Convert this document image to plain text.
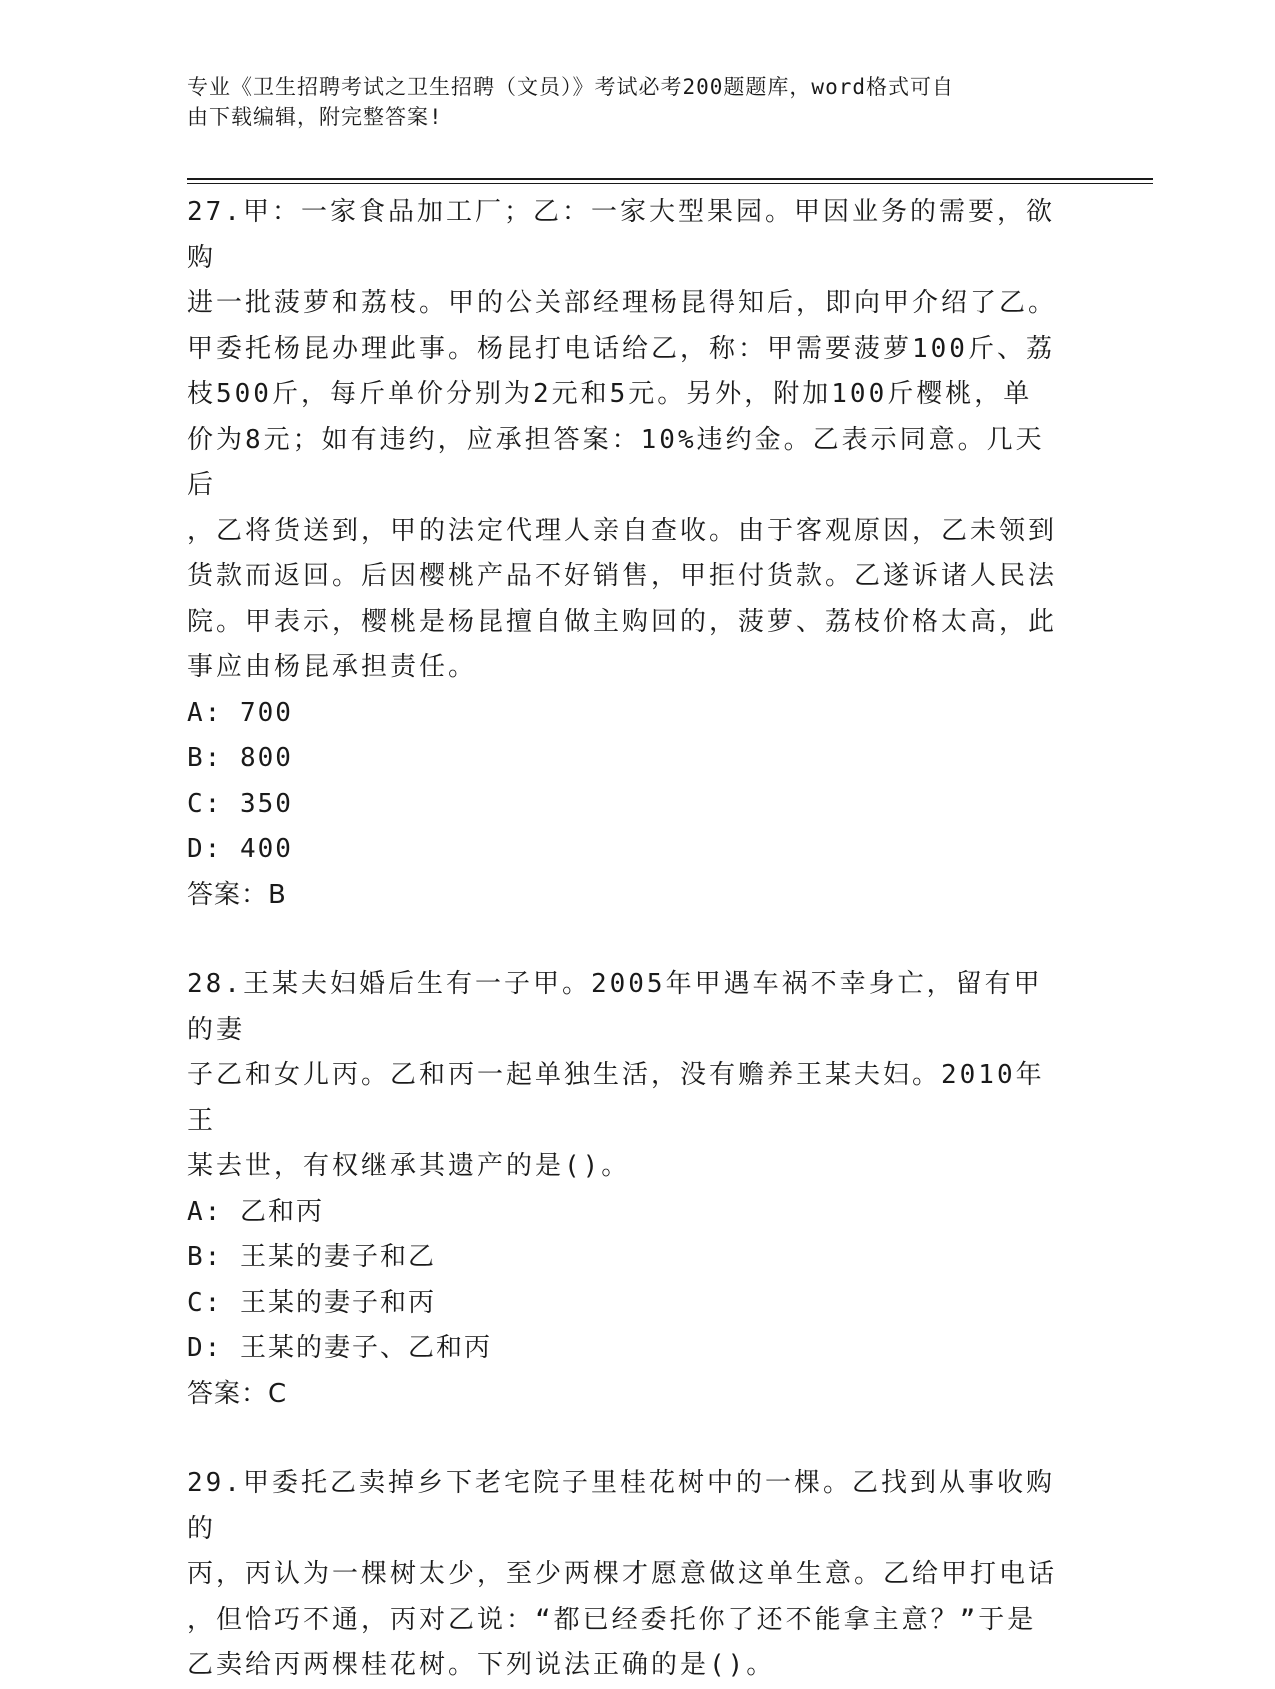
专业《卫生招聘考试之卫生招聘（文员）》考试必考200题题库，word格式可自
由下载编辑，附完整答案!

27.甲：一家食品加工厂；乙：一家大型果园。甲因业务的需要，欲购

进一批菠萝和荔枝。甲的公关部经理杨昆得知后，即向甲介绍了乙。

甲委托杨昆办理此事。杨昆打电话给乙，称：甲需要菠萝100斤、荔

枝500斤，每斤单价分别为2元和5元。另外，附加100斤樱桃，单

价为8元；如有违约，应承担答案：10%违约金。乙表示同意。几天后

，乙将货送到，甲的法定代理人亲自查收。由于客观原因，乙未领到

货款而返回。后因樱桃产品不好销售，甲拒付货款。乙遂诉诸人民法

院。甲表示，樱桃是杨昆擅自做主购回的，菠萝、荔枝价格太高，此

事应由杨昆承担责任。

A: 700

B: 800

C: 350

D: 400

答案：B

28.王某夫妇婚后生有一子甲。2005年甲遇车祸不幸身亡，留有甲的妻

子乙和女儿丙。乙和丙一起单独生活，没有赡养王某夫妇。2010年王

某去世，有权继承其遗产的是()。

A: 乙和丙

B: 王某的妻子和乙

C: 王某的妻子和丙

D: 王某的妻子、乙和丙

答案：C

29.甲委托乙卖掉乡下老宅院子里桂花树中的一棵。乙找到从事收购的

丙，丙认为一棵树太少，至少两棵才愿意做这单生意。乙给甲打电话

，但恰巧不通，丙对乙说：“都已经委托你了还不能拿主意？”于是

乙卖给丙两棵桂花树。下列说法正确的是()。
